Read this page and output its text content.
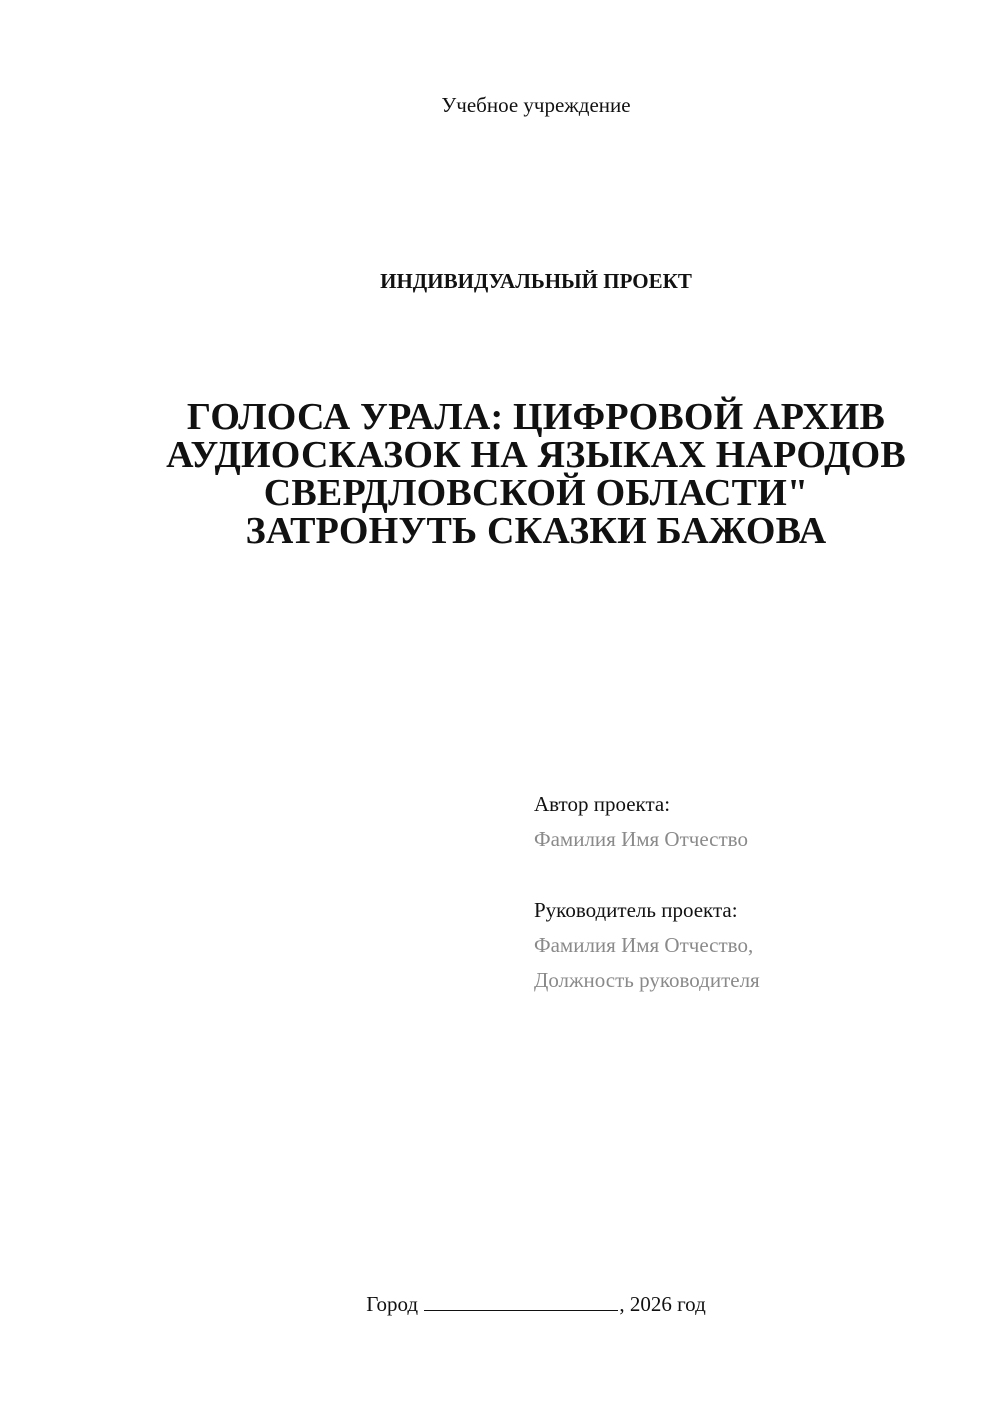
Учебное учреждение
ИНДИВИДУАЛЬНЫЙ ПРОЕКТ
ГОЛОСА УРАЛА: ЦИФРОВОЙ АРХИВ
АУДИОСКАЗОК НА ЯЗЫКАХ НАРОДОВ
СВЕРДЛОВСКОЙ ОБЛАСТИ"
ЗАТРОНУТЬ СКАЗКИ БАЖОВА
Автор проекта:
Фамилия Имя Отчество
Руководитель проекта:
Фамилия Имя Отчество,
Должность руководителя
Город	, 2026 год
